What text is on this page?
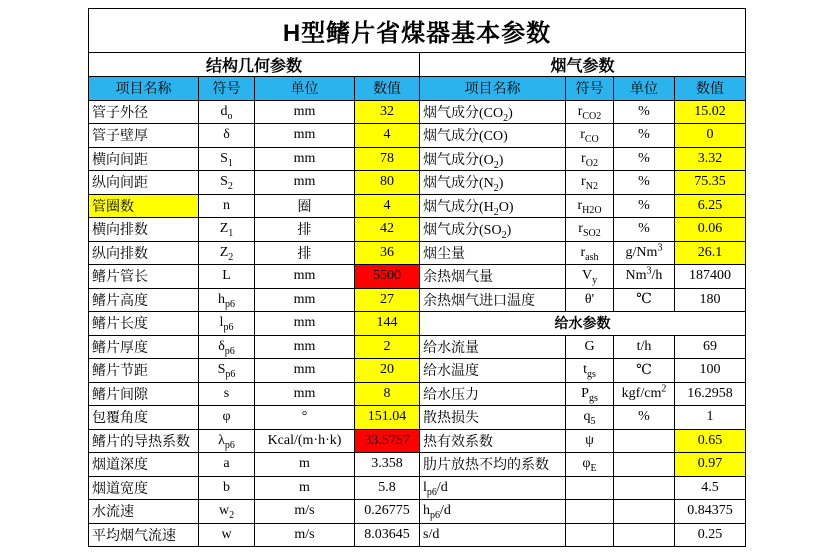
H型鳍片省煤器基本参数							
结构几何参数				烟气参数			
项目名称	符号	单位	数值	项目名称	符号	单位	数值
管子外径	$d_o$	mm	32	烟气成分$(CO_2)$	$r_{CO2}$	%	15.02
管子壁厚	δ	mm	4	烟气成分(CO)	$r_{CO}$	%	0
横向间距	$S_1$	mm	78	烟气成分$(O_2)$	$r_{O2}$	%	3.32
纵向间距	$S_2$	mm	80	烟气成分$(N_2)$	$r_{N2}$	%	75.35
管圈数	n	圈	4	烟气成分$(H_2O)$	$r_{H2O}$	%	6.25
横向排数	$Z_1$	排	42	烟气成分$(SO_2)$	$r_{SO2}$	%	0.06
纵向排数	$Z_2$	排	36	烟尘量	$r_{ash}$	g/Nm$^3$	26.1
鳍片管长	L	mm	5500	余热烟气量	$V_y$	Nm$^3$/h	187400
鳍片高度	$h_{p6}$	mm	27	余热烟气进口温度	θ'	℃	180
鳍片长度	$l_{p6}$	mm	144	给水参数			
鳍片厚度	$\delta_{p6}$	mm	2	给水流量	G	t/h	69
鳍片节距	$S_{p6}$	mm	20	给水温度	$t_{gs}$	℃	100
鳍片间隙	s	mm	8	给水压力	$P_{gs}$	kgf/$cm^2$	16.2958
包覆角度	φ	°	151.04	散热损失	$q_5$	%	1
鳍片的导热系数	$\lambda_{p6}$	Kcal/(m·h·k)	33.5757	热有效系数	ψ		0.65
烟道深度	a	m	3.358	肋片放热不均的系数	$\varphi_E$		0.97
烟道宽度	b	m	5.8	$l_{p6}/d$			4.5
水流速	$w_2$	m/s	0.26775	$h_{p6}/d$			0.84375
平均烟气流速	w	m/s	8.03645	s/d			0.25
